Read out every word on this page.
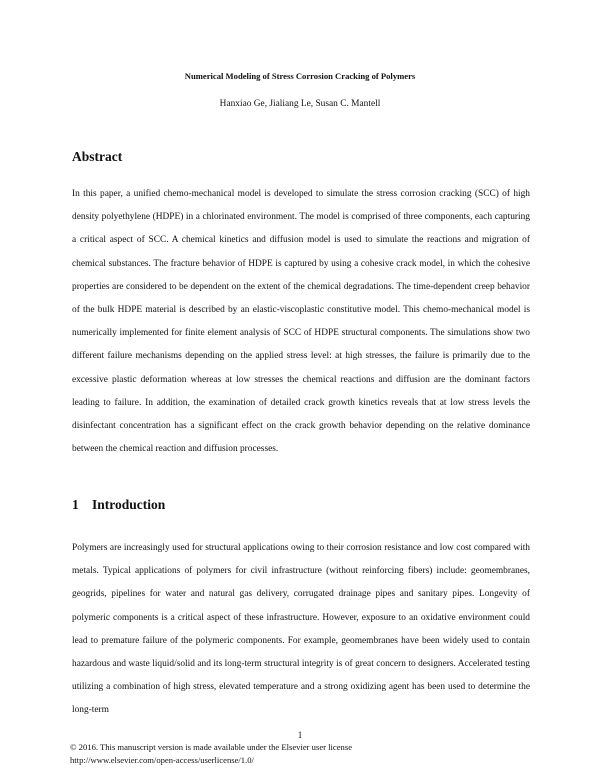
Numerical Modeling of Stress Corrosion Cracking of Polymers
Hanxiao Ge, Jialiang Le, Susan C. Mantell
Abstract

In this paper, a unified chemo-mechanical model is developed to simulate the stress corrosion cracking (SCC) of high density polyethylene (HDPE) in a chlorinated environment. The model is comprised of three components, each capturing a critical aspect of SCC. A chemical kinetics and diffusion model is used to simulate the reactions and migration of chemical substances. The fracture behavior of HDPE is captured by using a cohesive crack model, in which the cohesive properties are considered to be dependent on the extent of the chemical degradations. The time-dependent creep behavior of the bulk HDPE material is described by an elastic-viscoplastic constitutive model. This chemo-mechanical model is numerically implemented for finite element analysis of SCC of HDPE structural components. The simulations show two different failure mechanisms depending on the applied stress level: at high stresses, the failure is primarily due to the excessive plastic deformation whereas at low stresses the chemical reactions and diffusion are the dominant factors leading to failure. In addition, the examination of detailed crack growth kinetics reveals that at low stress levels the disinfectant concentration has a significant effect on the crack growth behavior depending on the relative dominance between the chemical reaction and diffusion processes.

1 Introduction

Polymers are increasingly used for structural applications owing to their corrosion resistance and low cost compared with metals. Typical applications of polymers for civil infrastructure (without reinforcing fibers) include: geomembranes, geogrids, pipelines for water and natural gas delivery, corrugated drainage pipes and sanitary pipes. Longevity of polymeric components is a critical aspect of these infrastructure. However, exposure to an oxidative environment could lead to premature failure of the polymeric components. For example, geomembranes have been widely used to contain hazardous and waste liquid/solid and its long-term structural integrity is of great concern to designers. Accelerated testing utilizing a combination of high stress, elevated temperature and a strong oxidizing agent has been used to determine the long-term

1
© 2016. This manuscript version is made available under the Elsevier user license
http://www.elsevier.com/open-access/userlicense/1.0/
